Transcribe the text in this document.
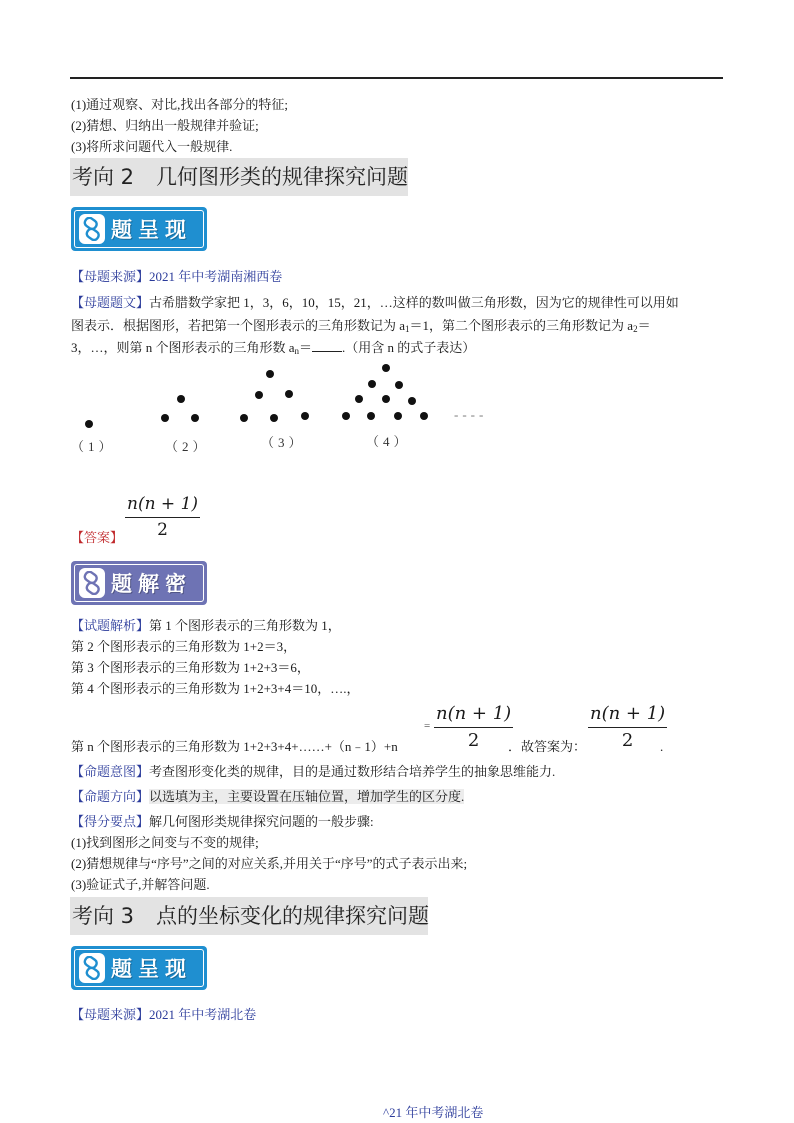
(1)通过观察、对比,找出各部分的特征;
(2)猜想、归纳出一般规律并验证;
(3)将所求问题代入一般规律.
考向 2 几何图形类的规律探究问题
题呈现
【母题来源】2021 年中考湖南湘西卷
【母题题文】古希腊数学家把 1，3，6，10，15，21，…这样的数叫做三角形数，因为它的规律性可以用如
图表示．根据图形，若把第一个图形表示的三角形数记为 $a_1=1$，第二个图形表示的三角形数记为 $a_2=$
3，…，则第 n 个图形表示的三角形数 $a_n=$ .（用含 n 的式子表达）
----
（1）	（2）	（3）	（4）
【答案】 $\frac{n(n + 1)}{2}$
题解密
【试题解析】第 1 个图形表示的三角形数为 1，
第 2 个图形表示的三角形数为 1+2＝3，
第 3 个图形表示的三角形数为 1+2+3＝6，
第 4 个图形表示的三角形数为 1+2+3+4＝10，….，
第 n 个图形表示的三角形数为 1+2+3+4+……+（n﹣1）+n
= $\frac{n(n + 1)}{2}$
．故答案为： $\frac{n(n + 1)}{2}$
.
【命题意图】考查图形变化类的规律，目的是通过数形结合培养学生的抽象思维能力.
【命题方向】以选填为主，主要设置在压轴位置，增加学生的区分度.
【得分要点】解几何图形类规律探究问题的一般步骤:
(1)找到图形之间变与不变的规律;
(2)猜想规律与“序号”之间的对应关系,并用关于“序号”的式子表示出来;
(3)验证式子,并解答问题.
考向 3 点的坐标变化的规律探究问题
题呈现
【母题来源】2021 年中考湖北卷
^21 年中考湖北卷
